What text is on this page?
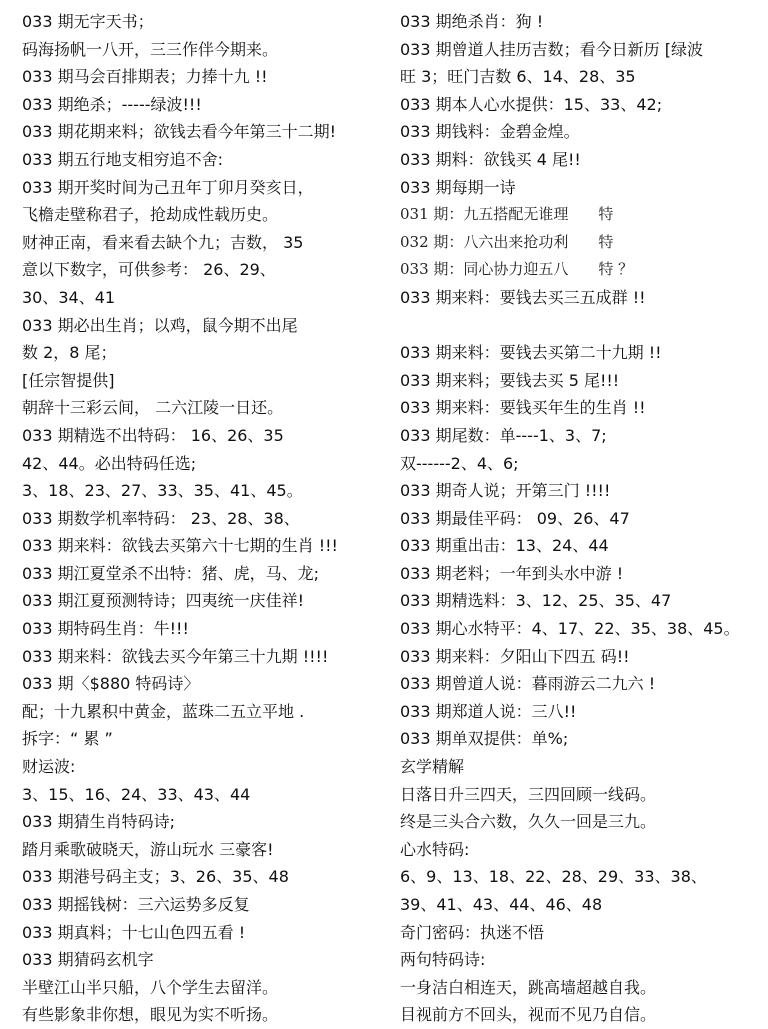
033 期无字天书；
码海扬帆一八开，三三作伴今期来。
033 期马会百排期表；力捧十九 !!
033 期绝杀；-----绿波!!!
033 期花期来料；欲钱去看今年第三十二期!
033 期五行地支相穷追不舍:
033 期开奖时间为己丑年丁卯月癸亥日，
飞檐走壁称君子，抢劫成性载历史。
财神正南，看来看去缺个九；吉数， 35
意以下数字，可供参考： 26、29、
30、34、41
033 期必出生肖；以鸡，鼠今期不出尾
数 2，8 尾；
[任宗智提供]
朝辞十三彩云间， 二六江陵一日还。
033 期精选不出特码： 16、26、35
42、44。必出特码任选;
3、18、23、27、33、35、41、45。
033 期数学机率特码： 23、28、38、
033 期来料：欲钱去买第六十七期的生肖 !!!
033 期江夏堂杀不出特：猪、虎，马、龙;
033 期江夏预测特诗；四夷统一庆佳祥!
033 期特码生肖：牛!!!
033 期来料：欲钱去买今年第三十九期 !!!!
033 期〈$880 特码诗〉
配；十九累积中黄金，蓝珠二五立平地 .
拆字：“ 累 ”
财运波:
3、15、16、24、33、43、44
033 期猜生肖特码诗;
踏月乘歌破晓天，游山玩水 三豪客!
033 期港号码主支；3、26、35、48
033 期摇钱树：三六运势多反复
033 期真料；十七山色四五看 !
033 期猜码玄机字
半壁江山半只船，八个学生去留洋。
有些影象非你想，眼见为实不听扬。
033 期绝杀肖：狗 !
033 期曾道人挂历吉数；看今日新历 [绿波
旺 3；旺门吉数 6、14、28、35
033 期本人心水提供：15、33、42;
033 期钱料：金碧金煌。
033 期料：欲钱买 4 尾!!
033 期每期一诗
031 期：九五搭配无谁理　　特
032 期：八六出来抢功利　　特
033 期：同心协力迎五八　　特 ？
033 期来料：要钱去买三五成群 !!
033 期来料：要钱去买第二十九期 !!
033 期来料；要钱去买 5 尾!!!
033 期来料：要钱买年生的生肖 !!
033 期尾数：单----1、3、7;
双------2、4、6;
033 期奇人说；开第三门 !!!!
033 期最佳平码： 09、26、47
033 期重出击：13、24、44
033 期老料；一年到头水中游 !
033 期精选料：3、12、25、35、47
033 期心水特平：4、17、22、35、38、45。
033 期来料：夕阳山下四五 码!!
033 期曾道人说：暮雨游云二九六 !
033 期郑道人说：三八!!
033 期单双提供：单%;
玄学精解
日落日升三四天，三四回顾一线码。
终是三头合六数，久久一回是三九。
心水特码:
6、9、13、18、22、28、29、33、38、
39、41、43、44、46、48
奇门密码：执迷不悟
两句特码诗:
一身洁白相连天，跳高墙超越自我。
目视前方不回头，视而不见乃自信。
